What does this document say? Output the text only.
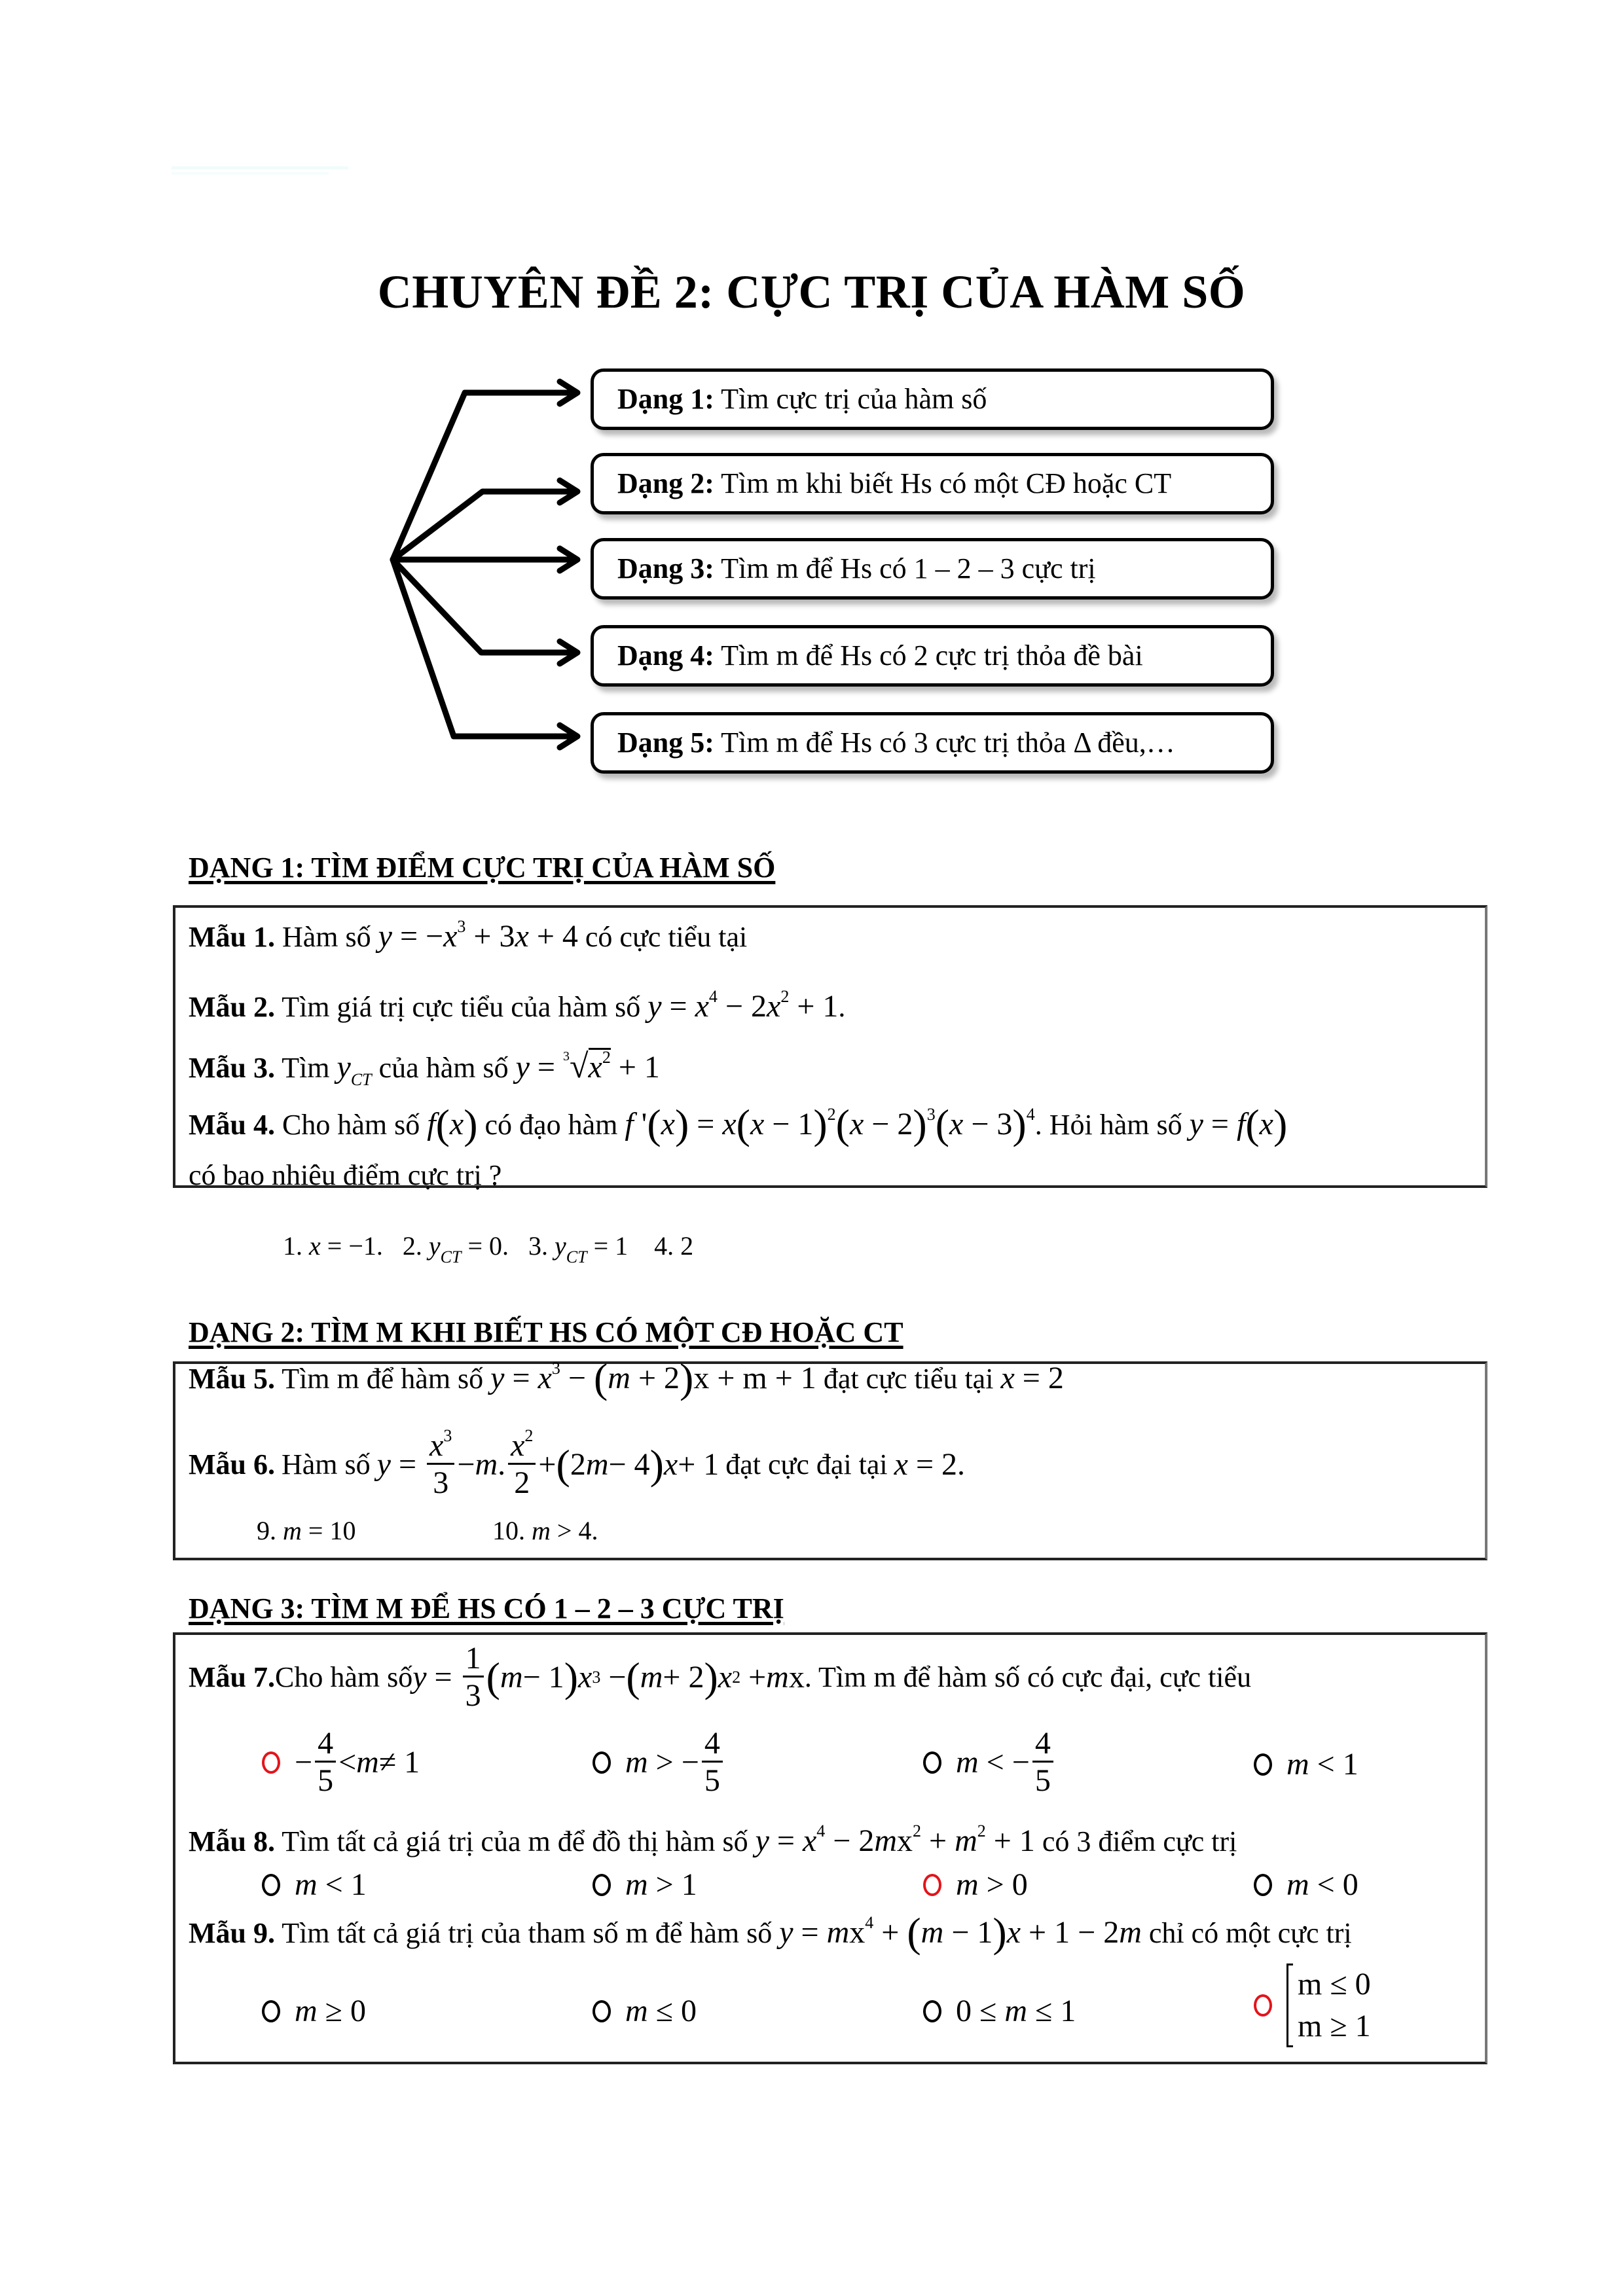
CHUYÊN ĐỀ 2: CỰC TRỊ CỦA HÀM SỐ
Dạng 1: Tìm cực trị của hàm số
Dạng 2: Tìm m khi biết Hs có một CĐ hoặc CT
Dạng 3: Tìm m để Hs có 1 – 2 – 3 cực trị
Dạng 4: Tìm m để Hs có 2 cực trị thỏa đề bài
Dạng 5: Tìm m để Hs có 3 cực trị thỏa Δ đều,…
DẠNG 1: TÌM ĐIỂM CỰC TRỊ CỦA HÀM SỐ
Mẫu 1. Hàm số $y = -x^3 + 3x + 4$ có cực tiểu tại
Mẫu 2. Tìm giá trị cực tiểu của hàm số $y = x^4 - 2x^2 + 1$.
Mẫu 3. Tìm $y_{CT}$ của hàm số $y = ^3√x^2 + 1$
Mẫu 4. Cho hàm số f(x) có đạo hàm f '$(x) = x(x - 1)^2(x - 2)^3(x - 3)^4$. Hỏi hàm số y = f(x)
có bao nhiêu điểm cực trị ?
1. x = −1.   2. $y_{CT} = 0$.   3. $y_{CT} = 1$    4. 2
DẠNG 2: TÌM M KHI BIẾT HS CÓ MỘT CĐ HOẶC CT
Mẫu 5. Tìm m để hàm số $y = x^3 - (m + 2)x + m + 1$ đạt cực tiểu tại x = 2
Mẫu 6. Hàm số $y = \frac{x^3}{3} - m$ . $\frac{x^2}{2}$ + ( 2 m − 4 ) x + 1 đạt cực đại tại x = 2.
9. m = 10	10. m > 4.
DẠNG 3: TÌM M ĐỂ HS CÓ 1 – 2 – 3 CỰC TRỊ
Mẫu 7. Cho hàm số $y = \frac{1}{3}$ ( m − 1 ) x 3 − ( m + 2 ) x 2 + m x . Tìm m để hàm số có cực đại, cực tiểu
− $\frac{4}{5} < m \ne 1$	m > − $\frac{4}{5}$	m < − $\frac{4}{5}$	m < 1
Mẫu 8. Tìm tất cả giá trị của m để đồ thị hàm số $y = x^4 - 2mx^2 + m^2 + 1$ có 3 điểm cực trị
m < 1	m > 1	m > 0	m < 0
Mẫu 9. Tìm tất cả giá trị của tham số m để hàm số $y = mx^4 + (m - 1)x + 1 - 2m$ chỉ có một cực trị
m ≥ 0	m ≤ 0	0 ≤ m ≤ 1
m ≤ 0
m ≥ 1
